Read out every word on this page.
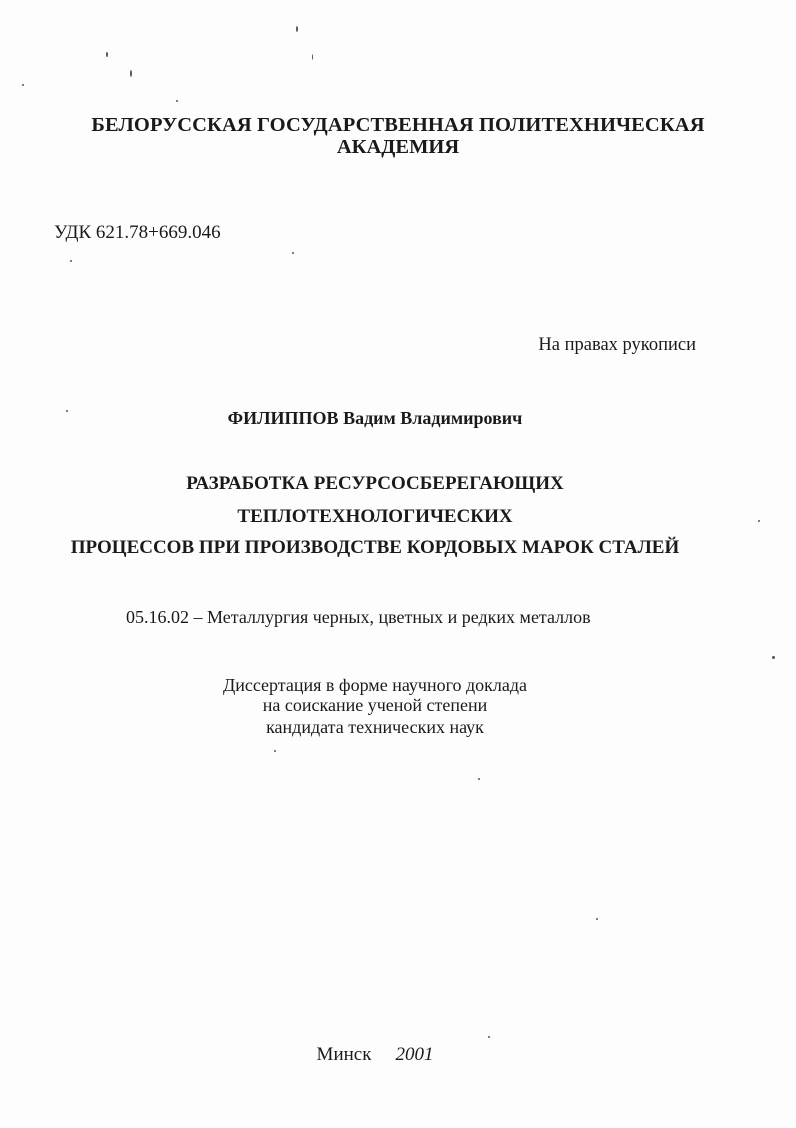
БЕЛОРУССКАЯ ГОСУДАРСТВЕННАЯ ПОЛИТЕХНИЧЕСКАЯ
АКАДЕМИЯ
УДК 621.78+669.046
На правах рукописи
ФИЛИППОВ Вадим Владимирович
РАЗРАБОТКА РЕСУРСОСБЕРЕГАЮЩИХ
ТЕПЛОТЕХНОЛОГИЧЕСКИХ
ПРОЦЕССОВ ПРИ ПРОИЗВОДСТВЕ КОРДОВЫХ МАРОК СТАЛЕЙ
05.16.02 – Металлургия черных, цветных и редких металлов
Диссертация в форме научного доклада
на соискание ученой степени
кандидата технических наук
Минск 2001
